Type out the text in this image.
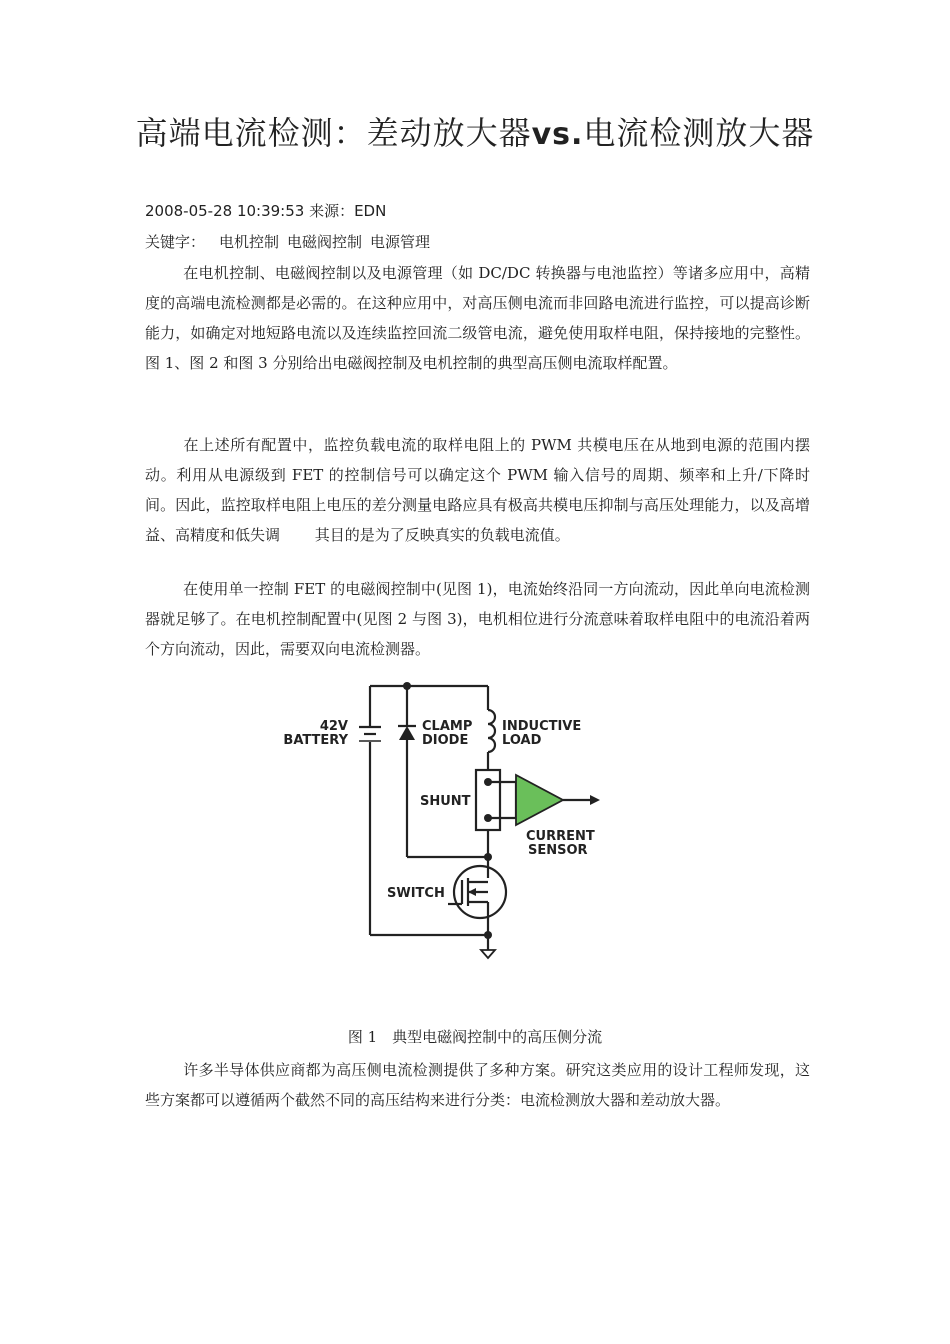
高端电流检测：差动放大器vs.电流检测放大器
2008-05-28 10:39:53 来源：EDN
关键字： 电机控制 电磁阀控制 电源管理

在电机控制、电磁阀控制以及电源管理（如 DC/DC 转换器与电池监控）等诸多应用中，高精度的高端电流检测都是必需的。在这种应用中，对高压侧电流而非回路电流进行监控，可以提高诊断能力，如确定对地短路电流以及连续监控回流二级管电流，避免使用取样电阻，保持接地的完整性。图 1、图 2 和图 3 分别给出电磁阀控制及电机控制的典型高压侧电流取样配置。

在上述所有配置中，监控负载电流的取样电阻上的 PWM 共模电压在从地到电源的范围内摆动。利用从电源级到 FET 的控制信号可以确定这个 PWM 输入信号的周期、频率和上升/下降时间。因此，监控取样电阻上电压的差分测量电路应具有极高共模电压抑制与高压处理能力，以及高增益、高精度和低失调 　　其目的是为了反映真实的负载电流值。

在使用单一控制 FET 的电磁阀控制中(见图 1)，电流始终沿同一方向流动，因此单向电流检测器就足够了。在电机控制配置中(见图 2 与图 3)，电机相位进行分流意味着取样电阻中的电流沿着两个方向流动，因此，需要双向电流检测器。

42V
BATTERY
CLAMP
DIODE
INDUCTIVE
LOAD
SHUNT
CURRENT
SENSOR
SWITCH
图 1　典型电磁阀控制中的高压侧分流

许多半导体供应商都为高压侧电流检测提供了多种方案。研究这类应用的设计工程师发现，这些方案都可以遵循两个截然不同的高压结构来进行分类：电流检测放大器和差动放大器。
